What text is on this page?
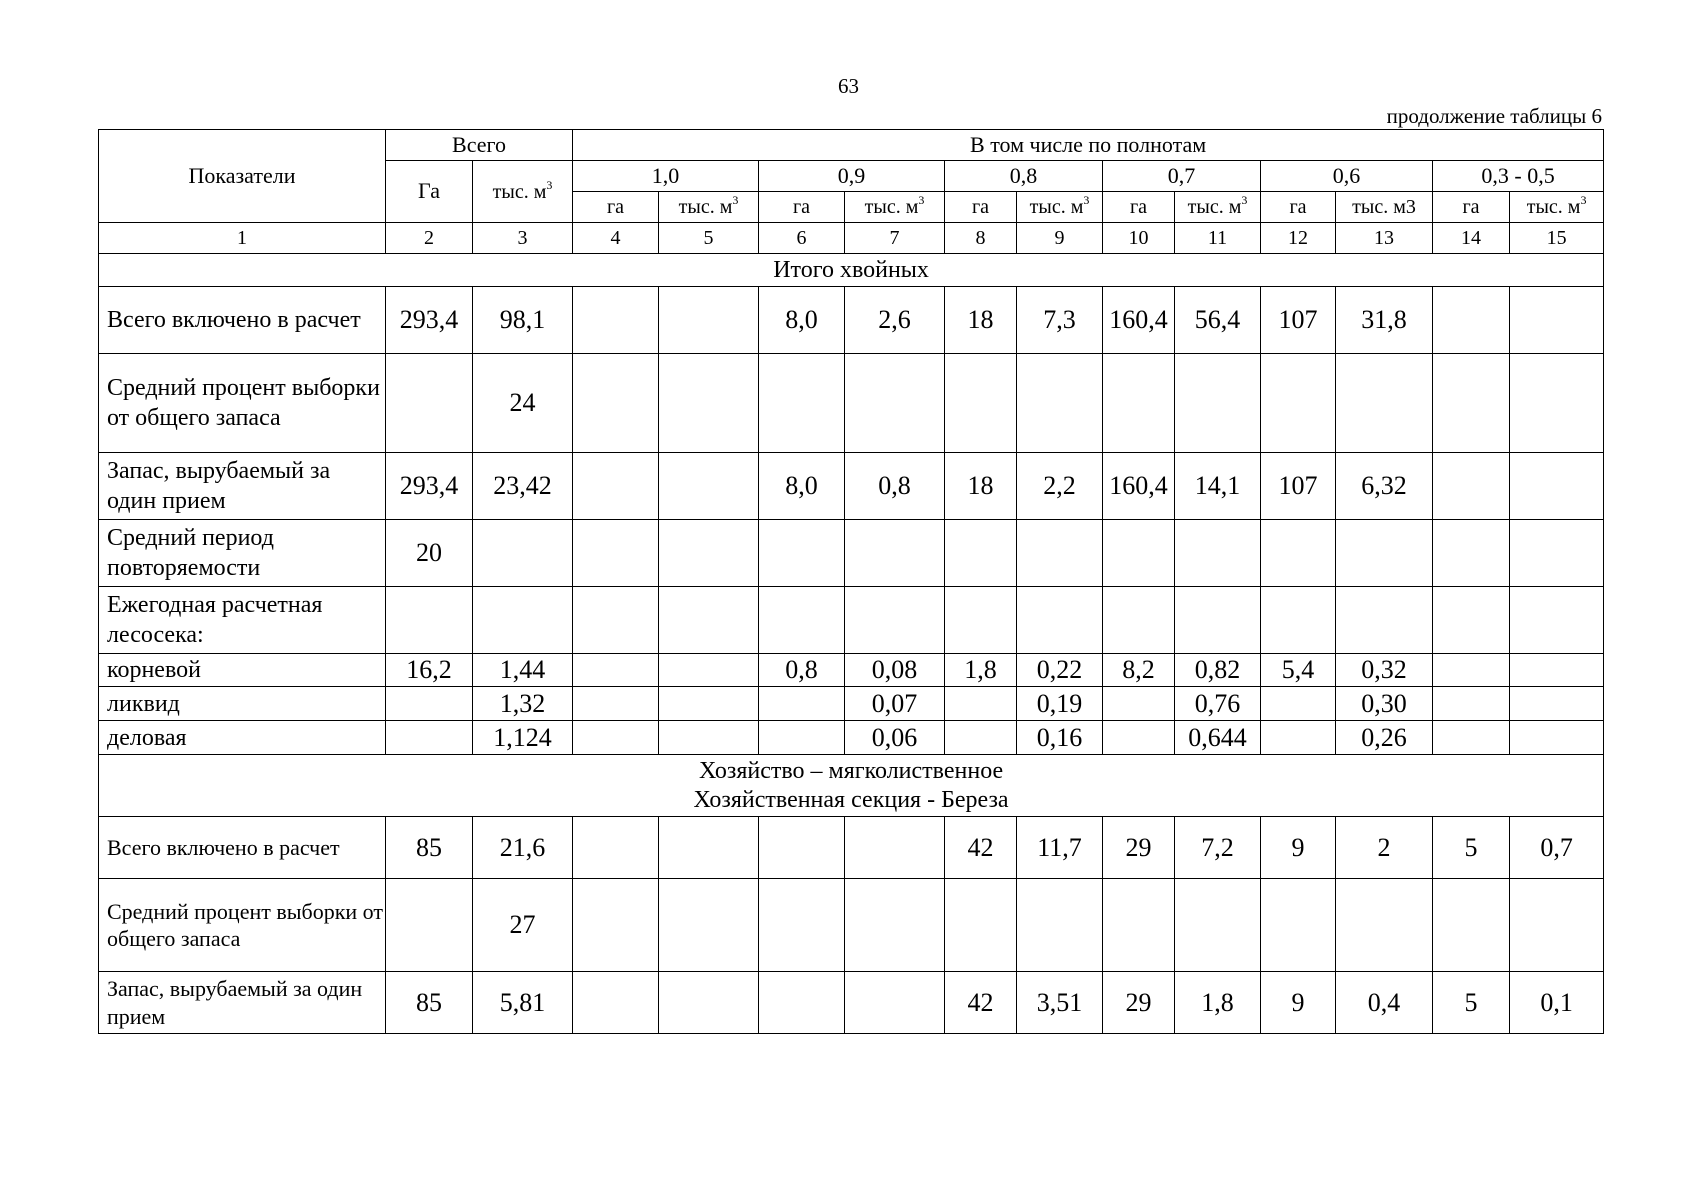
63
продолжение таблицы 6
Показатели	Всего		В том числе по полнотам											
	Га	тыс. $м^3$	1,0		0,9		0,8		0,7		0,6		0,3 - 0,5	
			га	тыс. $м^3$	га	тыс. $м^3$	га	тыс. $м^3$	га	тыс. $м^3$	га	тыс. м3	га	тыс. $м^3$
1	2	3	4	5	6	7	8	9	10	11	12	13	14	15

Итого хвойных														

Всего включено в расчет	293,4	98,1			8,0	2,6	18	7,3	160,4	56,4	107	31,8		
Средний процент выборки от общего запаса		24												
Запас, вырубаемый за один прием	293,4	23,42			8,0	0,8	18	2,2	160,4	14,1	107	6,32		
Средний период повторяемости	20													
Ежегодная расчетная лесосека:														
корневой	16,2	1,44			0,8	0,08	1,8	0,22	8,2	0,82	5,4	0,32		
ликвид		1,32				0,07		0,19		0,76		0,30		
деловая		1,124				0,06		0,16		0,644		0,26		

Хозяйство – мягколиственное
Хозяйственная секция - Береза														

Всего включено в расчет	85	21,6					42	11,7	29	7,2	9	2	5	0,7
Средний процент выборки от общего запаса		27												
Запас, вырубаемый за один прием	85	5,81					42	3,51	29	1,8	9	0,4	5	0,1
